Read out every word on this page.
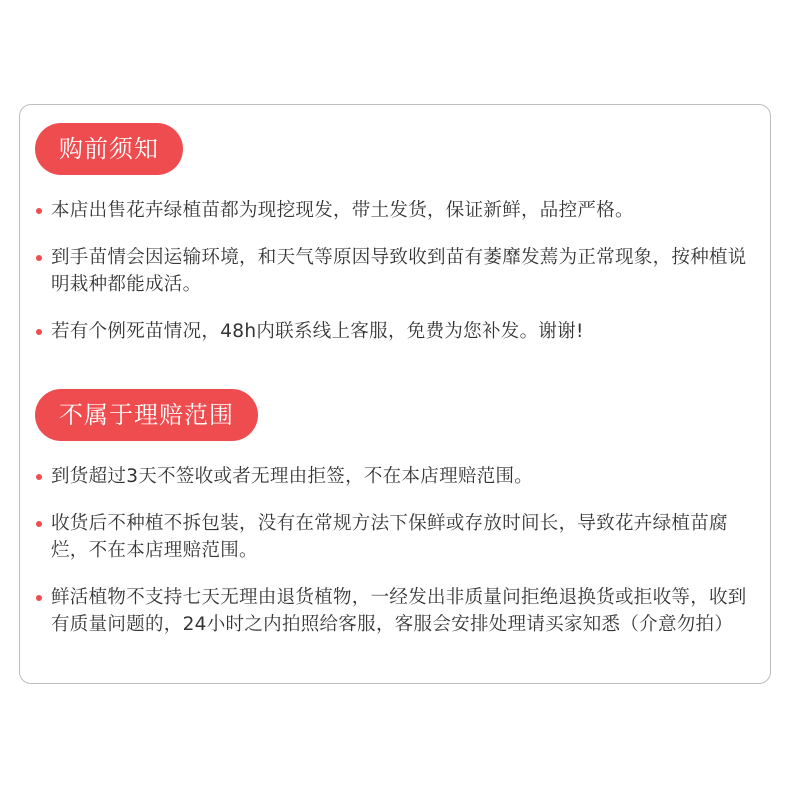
购前须知
本店出售花卉绿植苗都为现挖现发，带土发货，保证新鲜，品控严格。
到手苗情会因运输环境，和天气等原因导致收到苗有萎靡发蔫为正常现象，按种植说明栽种都能成活。
若有个例死苗情况，48h内联系线上客服，免费为您补发。谢谢!
不属于理赔范围
到货超过3天不签收或者无理由拒签，不在本店理赔范围。
收货后不种植不拆包装，没有在常规方法下保鲜或存放时间长，导致花卉绿植苗腐烂，不在本店理赔范围。
鲜活植物不支持七天无理由退货植物，一经发出非质量问拒绝退换货或拒收等，收到有质量问题的，24小时之内拍照给客服，客服会安排处理请买家知悉（介意勿拍）
